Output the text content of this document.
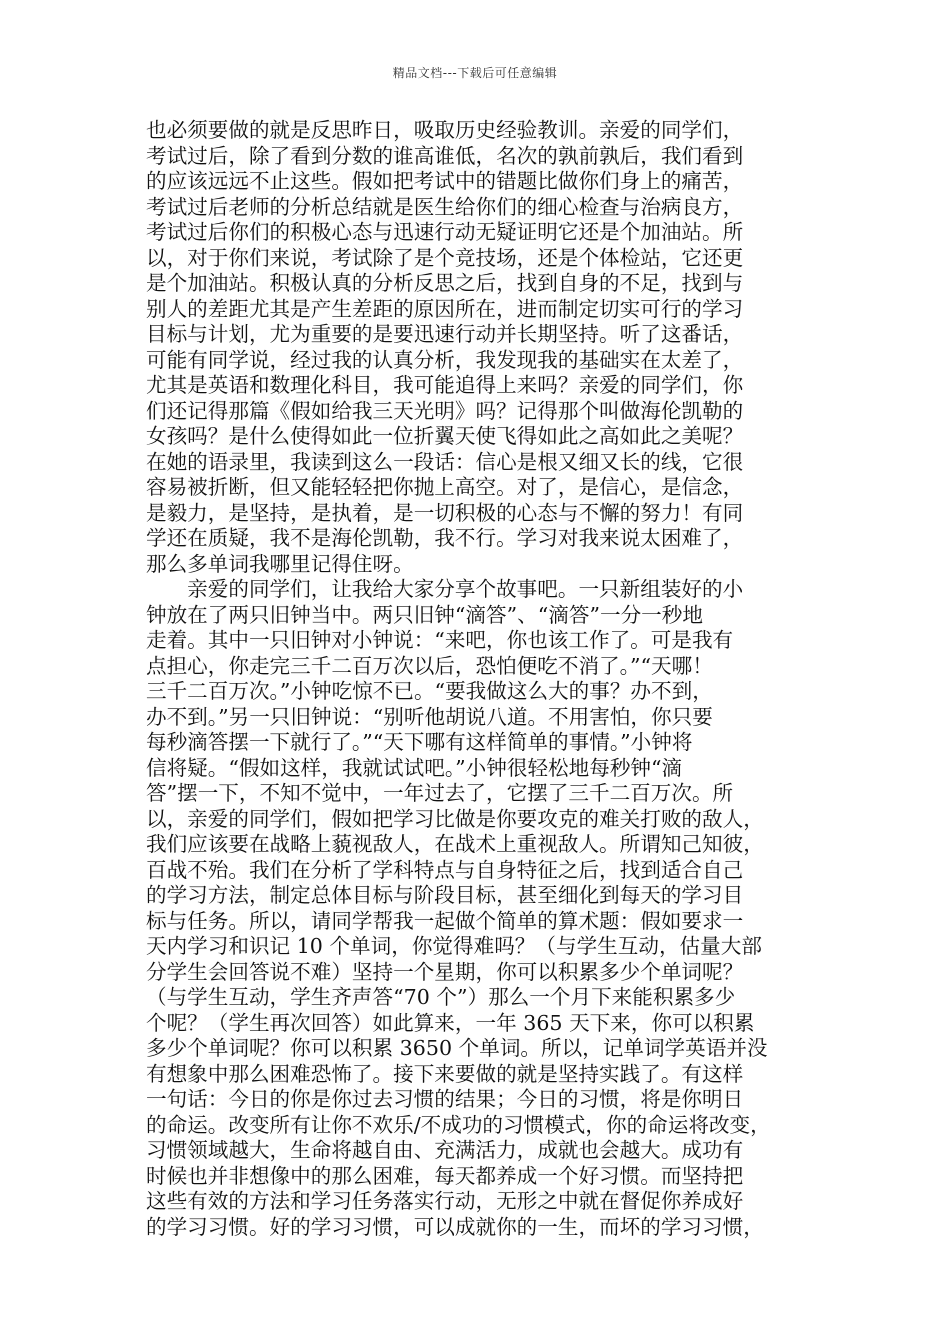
精品文档---下载后可任意编辑
也必须要做的就是反思昨日，吸取历史经验教训。亲爱的同学们，
考试过后，除了看到分数的谁高谁低，名次的孰前孰后，我们看到
的应该远远不止这些。假如把考试中的错题比做你们身上的痛苦，
考试过后老师的分析总结就是医生给你们的细心检查与治病良方，
考试过后你们的积极心态与迅速行动无疑证明它还是个加油站。所
以，对于你们来说，考试除了是个竞技场，还是个体检站，它还更
是个加油站。积极认真的分析反思之后，找到自身的不足，找到与
别人的差距尤其是产生差距的原因所在，进而制定切实可行的学习
目标与计划，尤为重要的是要迅速行动并长期坚持。听了这番话，
可能有同学说，经过我的认真分析，我发现我的基础实在太差了，
尤其是英语和数理化科目，我可能追得上来吗？亲爱的同学们，你
们还记得那篇《假如给我三天光明》吗？记得那个叫做海伦凯勒的
女孩吗？是什么使得如此一位折翼天使飞得如此之高如此之美呢？
在她的语录里，我读到这么一段话：信心是根又细又长的线，它很
容易被折断，但又能轻轻把你抛上高空。对了，是信心，是信念，
是毅力，是坚持，是执着，是一切积极的心态与不懈的努力！有同
学还在质疑，我不是海伦凯勒，我不行。学习对我来说太困难了，
那么多单词我哪里记得住呀。
　　亲爱的同学们，让我给大家分享个故事吧。一只新组装好的小
钟放在了两只旧钟当中。两只旧钟“滴答”、“滴答”一分一秒地
走着。其中一只旧钟对小钟说：“来吧，你也该工作了。可是我有
点担心，你走完三千二百万次以后，恐怕便吃不消了。”“天哪！
三千二百万次。”小钟吃惊不已。“要我做这么大的事？办不到，
办不到。”另一只旧钟说：“别听他胡说八道。不用害怕，你只要
每秒滴答摆一下就行了。”“天下哪有这样简单的事情。”小钟将
信将疑。“假如这样，我就试试吧。”小钟很轻松地每秒钟“滴
答”摆一下，不知不觉中，一年过去了，它摆了三千二百万次。所
以，亲爱的同学们，假如把学习比做是你要攻克的难关打败的敌人，
我们应该要在战略上藐视敌人，在战术上重视敌人。所谓知己知彼，
百战不殆。我们在分析了学科特点与自身特征之后，找到适合自己
的学习方法，制定总体目标与阶段目标，甚至细化到每天的学习目
标与任务。所以，请同学帮我一起做个简单的算术题：假如要求一
天内学习和识记 10 个单词，你觉得难吗？（与学生互动，估量大部
分学生会回答说不难）坚持一个星期，你可以积累多少个单词呢？
（与学生互动，学生齐声答“70 个”）那么一个月下来能积累多少
个呢？（学生再次回答）如此算来，一年 365 天下来，你可以积累
多少个单词呢？你可以积累 3650 个单词。所以，记单词学英语并没
有想象中那么困难恐怖了。接下来要做的就是坚持实践了。有这样
一句话：今日的你是你过去习惯的结果；今日的习惯，将是你明日
的命运。改变所有让你不欢乐/不成功的习惯模式，你的命运将改变，
习惯领域越大，生命将越自由、充满活力，成就也会越大。成功有
时候也并非想像中的那么困难，每天都养成一个好习惯。而坚持把
这些有效的方法和学习任务落实行动，无形之中就在督促你养成好
的学习习惯。好的学习习惯，可以成就你的一生，而坏的学习习惯，
